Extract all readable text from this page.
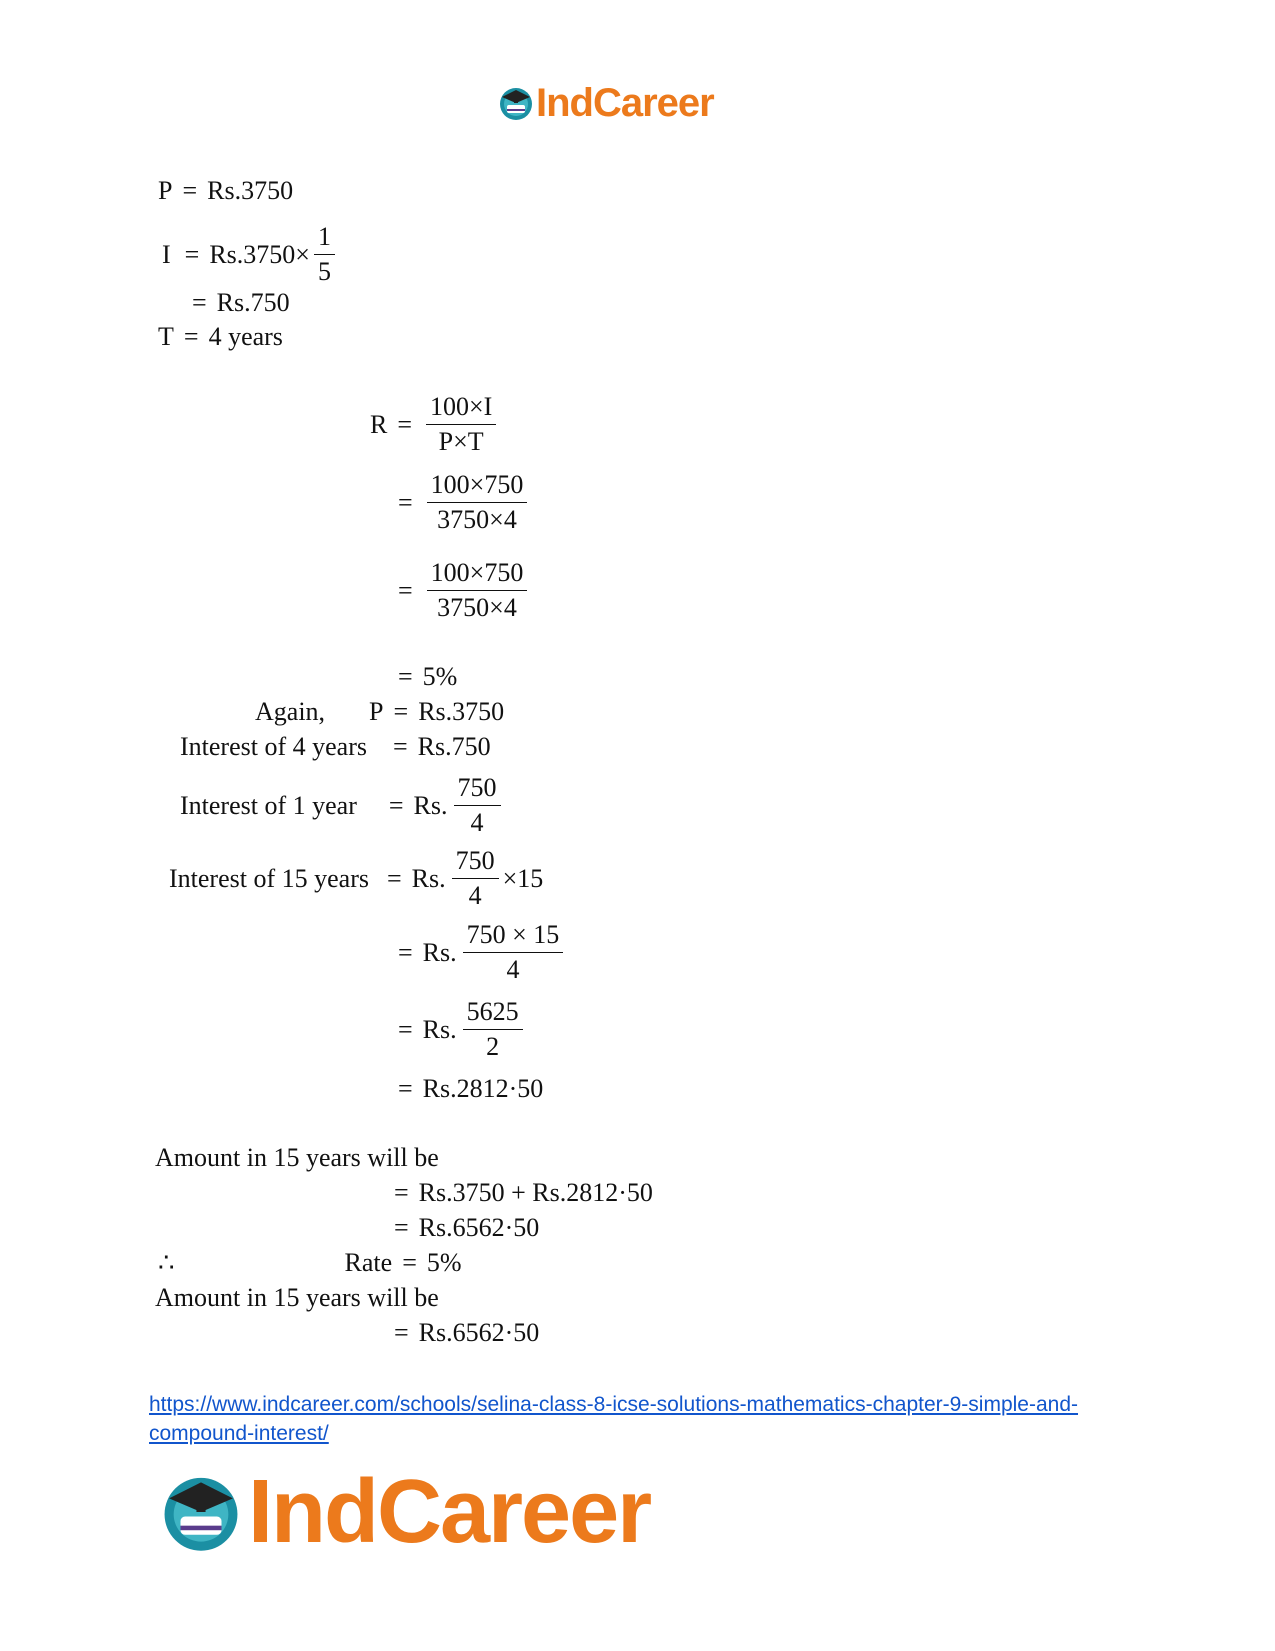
IndCareer
P = Rs.3750
$I = Rs.3750\times \frac{1}{5}$
= Rs.750
T = 4 years
$R = \frac{100\times I}{P\times T}$
= $\frac{100\times 750}{3750\times 4}$
= $\frac{100\times 750}{3750\times 4}$
= 5%
Again, P = Rs.3750
Interest of 4 years = Rs.750
Interest of 1 year = Rs. $\frac{750}{4}$
Interest of 15 years = Rs. $\frac{750}{4} \times 15$
= Rs. $\frac{750 \times 15}{4}$
= Rs. $\frac{5625}{2}$
= Rs.2812·50
Amount in 15 years will be
= Rs.3750 + Rs.2812·50
= Rs.6562·50
∴	Rate = 5%
Amount in 15 years will be
= Rs.6562·50
https://www.indcareer.com/schools/selina-class-8-icse-solutions-mathematics-chapter-9-simple-and-compound-interest/
IndCareer
